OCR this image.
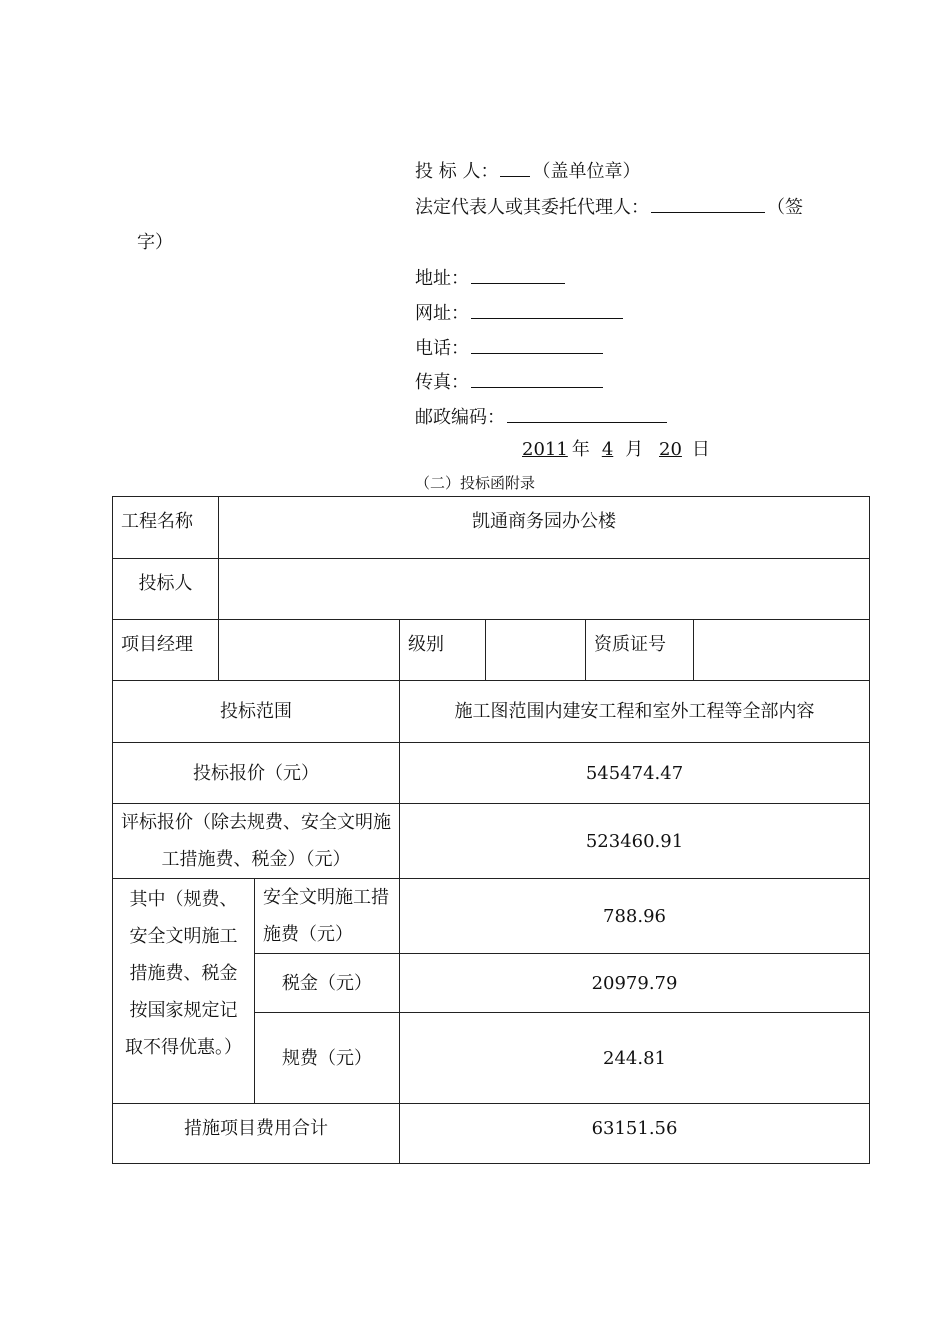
投 标 人： （盖单位章）
法定代表人或其委托代理人：	（签
字）
地址：
网址：
电话：
传真：
邮政编码：
2011 年 4 月 20 日
（二）投标函附录
工程名称	凯通商务园办公楼					
投标人						
项目经理			级别		资质证号	
投标范围			施工图范围内建安工程和室外工程等全部内容			
投标报价（元）			545474.47			
评标报价（除去规费、安全文明施工措施费、税金）（元）			523460.91			
其中（规费、安全文明施工措施费、税金按国家规定记取不得优惠。）		安全文明施工措施费（元）	788.96			
		税金（元）	20979.79			
		规费（元）	244.81			
措施项目费用合计			63151.56			
